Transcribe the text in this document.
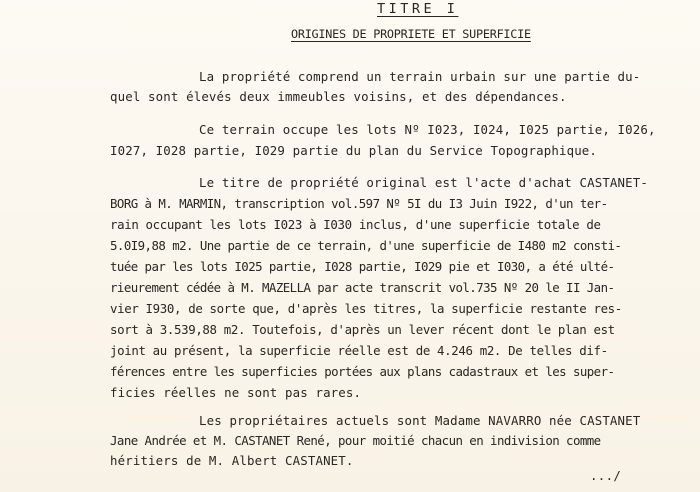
TITRE I
ORIGINES DE PROPRIETE ET SUPERFICIE
La propriété comprend un terrain urbain sur une partie du-
quel sont élevés deux immeubles voisins, et des dépendances.
Ce terrain occupe les lots Nº I023, I024, I025 partie, I026,
I027, I028 partie, I029 partie du plan du Service Topographique.
Le titre de propriété original est l'acte d'achat CASTANET-
BORG à M. MARMIN, transcription vol.597 Nº 5I du I3 Juin I922, d'un ter-
rain occupant les lots I023 à I030 inclus, d'une superficie totale de
5.0I9,88 m2. Une partie de ce terrain, d'une superficie de I480 m2 consti-
tuée par les lots I025 partie, I028 partie, I029 pie et I030, a été ulté-
rieurement cédée à M. MAZELLA par acte transcrit vol.735 Nº 20 le II Jan-
vier I930, de sorte que, d'après les titres, la superficie restante res-
sort à 3.539,88 m2. Toutefois, d'après un lever récent dont le plan est
joint au présent, la superficie réelle est de 4.246 m2. De telles dif-
férences entre les superficies portées aux plans cadastraux et les super-
ficies réelles ne sont pas rares.
Les propriétaires actuels sont Madame NAVARRO née CASTANET
Jane Andrée et M. CASTANET René, pour moitié chacun en indivision comme
héritiers de M. Albert CASTANET.
.../
